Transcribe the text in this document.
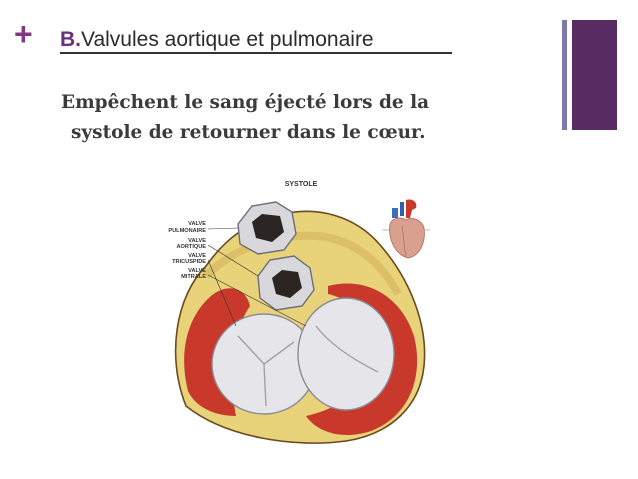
+ B.Valvules aortique et pulmonaire
Empêchent le sang éjecté lors de la
systole de retourner dans le cœur.
SYSTOLE
VALVE
PULMONAIRE
VALVE
AORTIQUE
VALVE
TRICUSPIDE
VALVE
MITRALE
